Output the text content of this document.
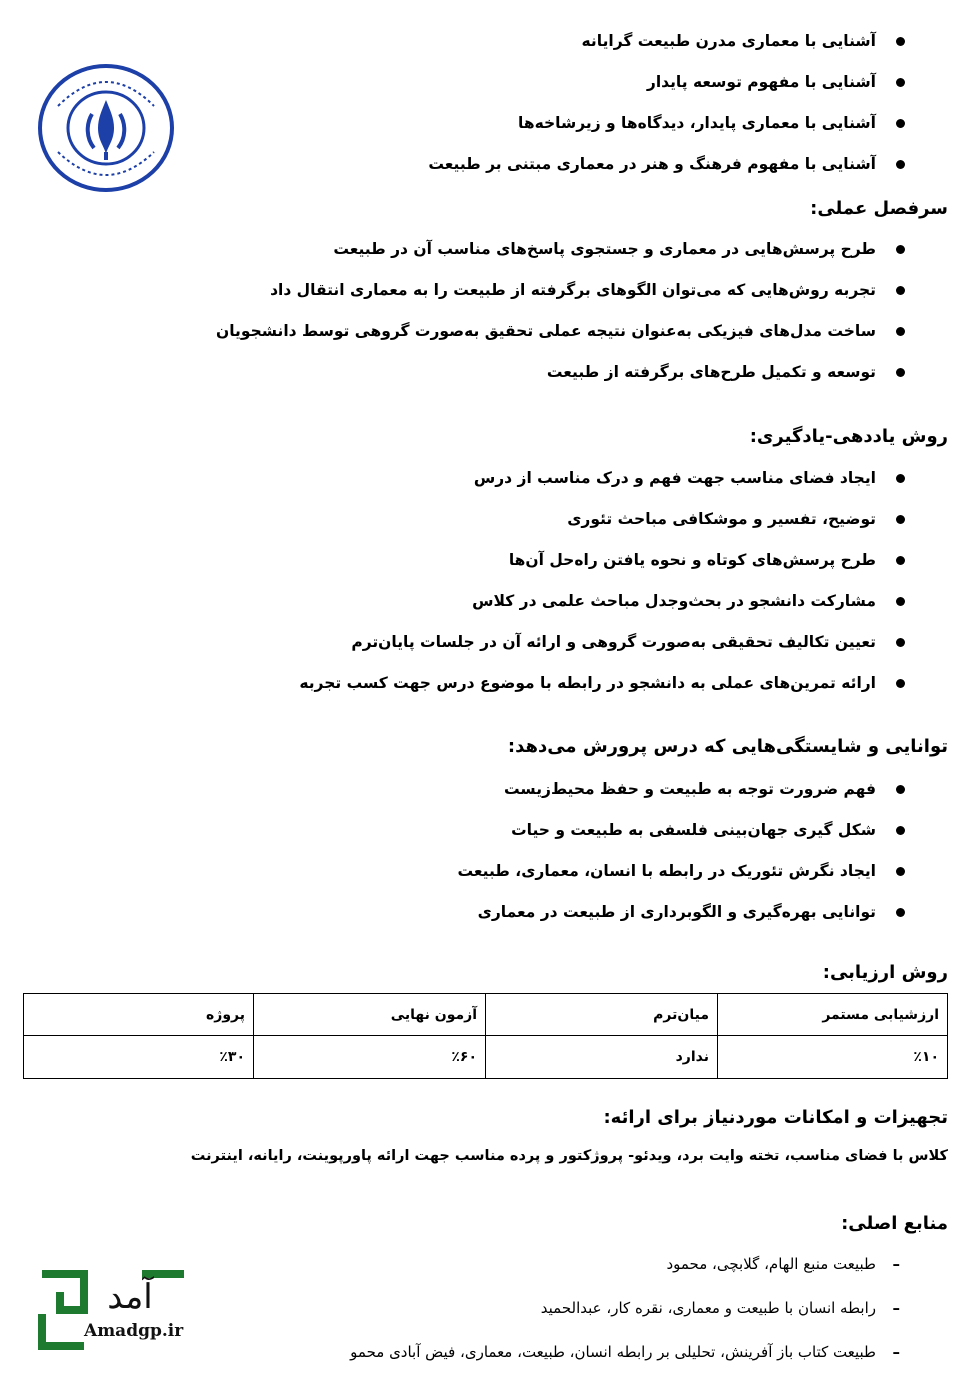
آشنایی با معماری مدرن طبیعت گرایانه
آشنایی با مفهوم توسعه پایدار
آشنایی با معماری پایدار، دیدگاه‌ها و زیرشاخه‌ها
آشنایی با مفهوم فرهنگ و هنر در معماری مبتنی بر طبیعت
سرفصل عملی:
طرح پرسش‌هایی در معماری و جستجوی پاسخ‌های مناسب آن در طبیعت
تجربه روش‌هایی که می‌توان الگوهای برگرفته از طبیعت را به معماری انتقال داد
ساخت مدل‌های فیزیکی به‌عنوان نتیجه عملی تحقیق به‌صورت گروهی توسط دانشجویان
توسعه و تکمیل طرح‌های برگرفته از طبیعت
روش یاددهی-یادگیری:
ایجاد فضای مناسب جهت فهم و درک مناسب از درس
توضیح، تفسیر و موشکافی مباحث تئوری
طرح پرسش‌های کوتاه و نحوه یافتن راه‌حل آن‌ها
مشارکت دانشجو در بحث‌وجدل مباحث علمی در کلاس
تعیین تکالیف تحقیقی به‌صورت گروهی و ارائه آن در جلسات پایان‌ترم
ارائه تمرین‌های عملی به دانشجو در رابطه با موضوع درس جهت کسب تجربه
توانایی و شایستگی‌هایی که درس پرورش می‌دهد:
فهم ضرورت توجه به طبیعت و حفظ محیط‌زیست
شکل گیری جهان‌بینی فلسفی به طبیعت و حیات
ایجاد نگرش تئوریک در رابطه با انسان، معماری، طبیعت
توانایی بهره‌گیری و الگوبرداری از طبیعت در معماری
روش ارزیابی:
ارزشیابی مستمر	میان‌ترم	آزمون نهایی	پروژه
٪۱۰	ندارد	٪۶۰	٪۳۰
تجهیزات و امکانات موردنیاز برای ارائه:
کلاس با فضای مناسب، تخته وایت برد، ویدئو- پروژکتور و پرده مناسب جهت ارائه پاورپوینت، رایانه، اینترنت
منابع اصلی:
– طبیعت منبع الهام، گلابچی، محمود
– رابطه انسان با طبیعت و معماری، نقره کار، عبدالحمید
– طبیعت کتاب باز آفرینش، تحلیلی بر رابطه انسان، طبیعت، معماری، فیض آبادی محمو
آمد
Amadgp.ir
